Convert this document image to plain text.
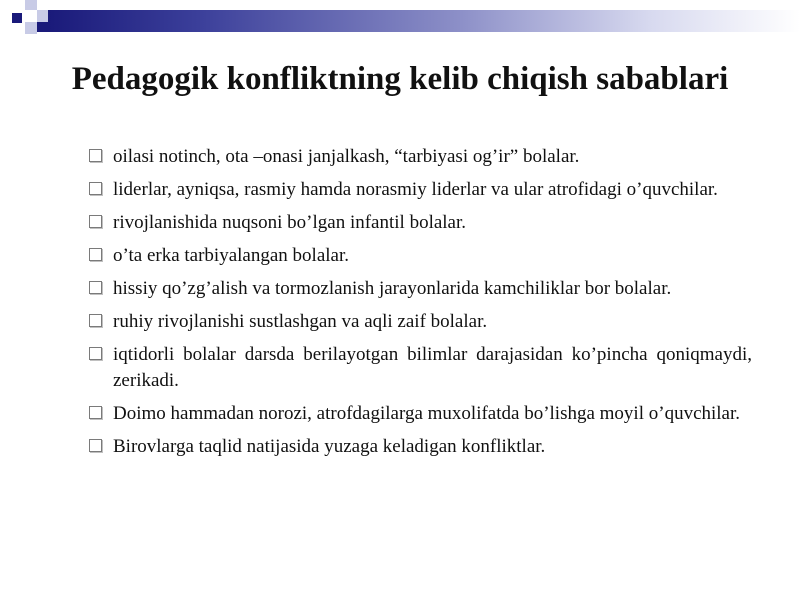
Pedagogik konfliktning kelib chiqish sabablari
oilasi notinch, ota –onasi janjalkash, “tarbiyasi og’ir” bolalar.
liderlar, ayniqsa, rasmiy hamda norasmiy liderlar va ular atrofidagi o’quvchilar.
rivojlanishida nuqsoni bo’lgan infantil bolalar.
o’ta erka tarbiyalangan bolalar.
hissiy qo’zg’alish va tormozlanish jarayonlarida kamchiliklar bor bolalar.
ruhiy rivojlanishi sustlashgan va aqli zaif bolalar.
iqtidorli bolalar darsda berilayotgan bilimlar darajasidan ko’pincha qoniqmaydi, zerikadi.
Doimo hammadan norozi, atrofdagilarga muxolifatda bo’lishga moyil o’quvchilar.
Birovlarga taqlid natijasida yuzaga keladigan konfliktlar.
